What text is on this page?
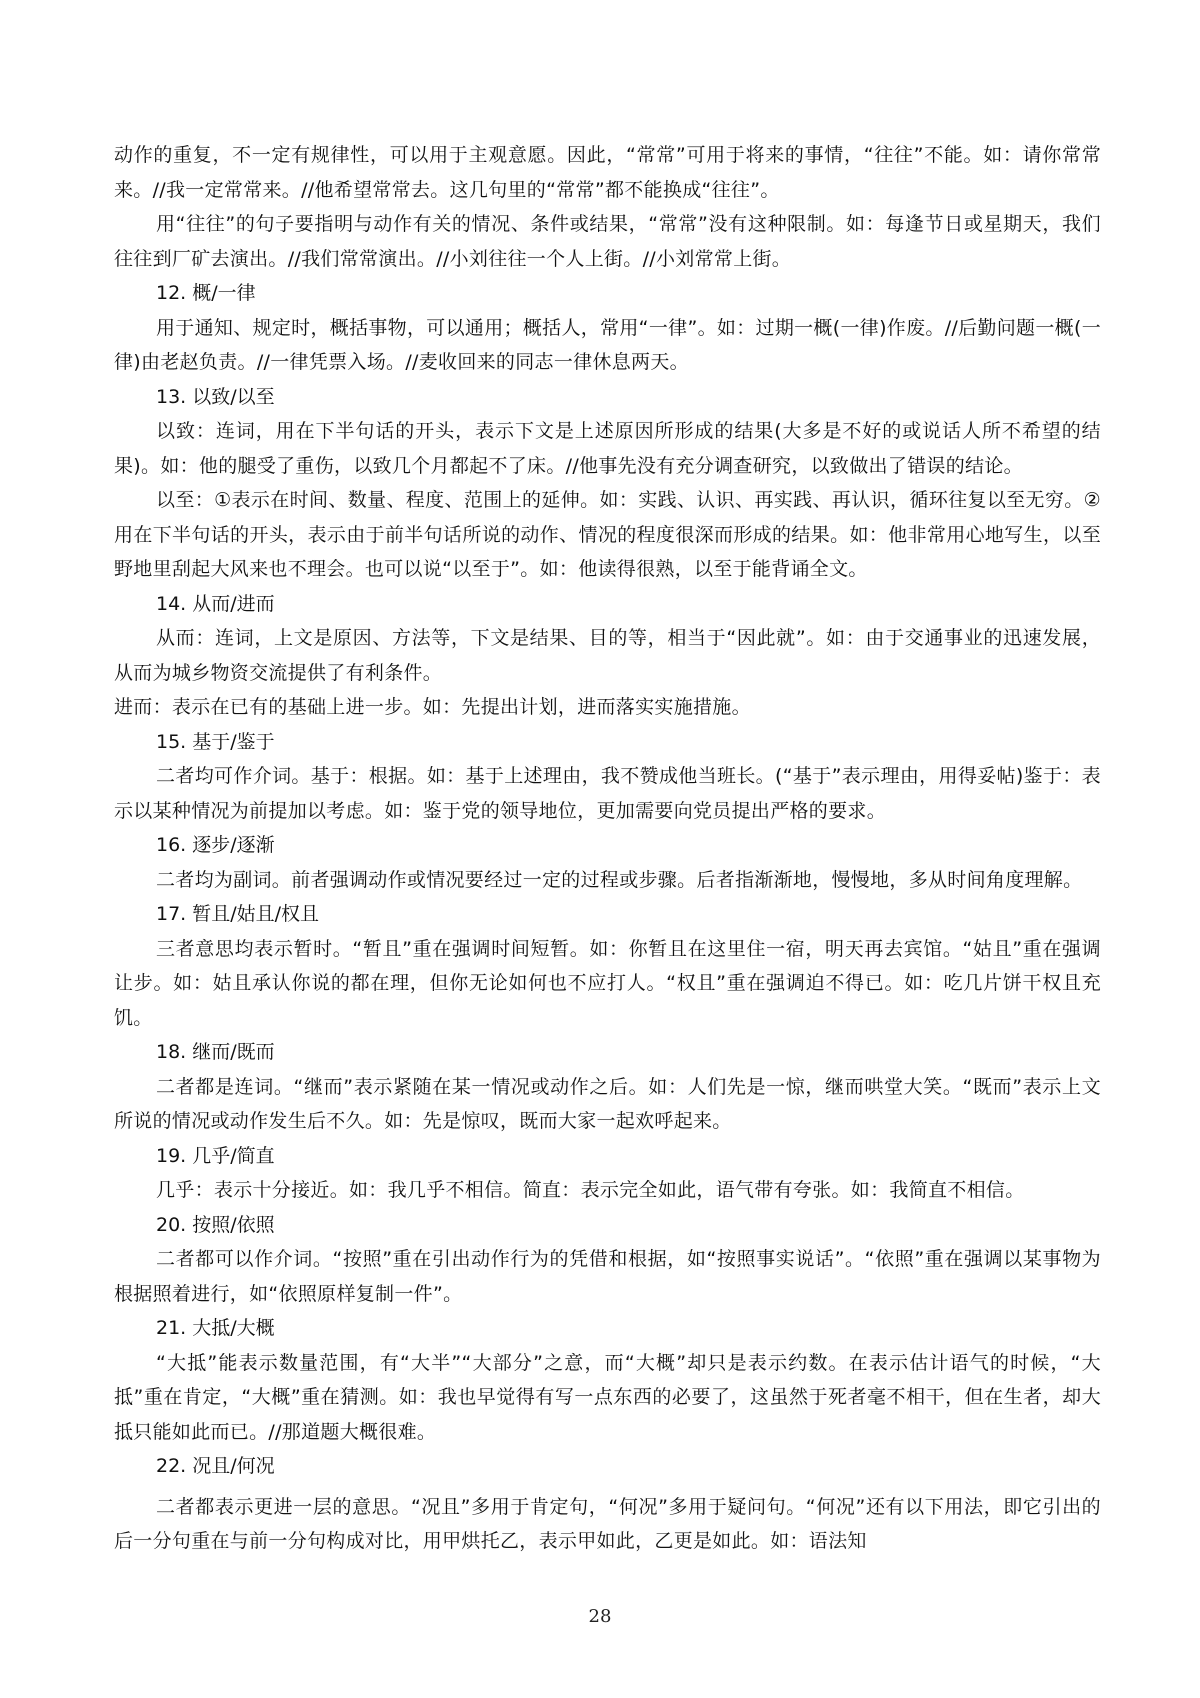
动作的重复，不一定有规律性，可以用于主观意愿。因此，“常常”可用于将来的事情，“往往”不能。如：请你常常来。//我一定常常来。//他希望常常去。这几句里的“常常”都不能换成“往往”。

用“往往”的句子要指明与动作有关的情况、条件或结果，“常常”没有这种限制。如：每逢节日或星期天，我们往往到厂矿去演出。//我们常常演出。//小刘往往一个人上街。//小刘常常上街。

12. 概/一律

用于通知、规定时，概括事物，可以通用；概括人，常用“一律”。如：过期一概(一律)作废。//后勤问题一概(一律)由老赵负责。//一律凭票入场。//麦收回来的同志一律休息两天。

13. 以致/以至

以致：连词，用在下半句话的开头，表示下文是上述原因所形成的结果(大多是不好的或说话人所不希望的结果)。如：他的腿受了重伤，以致几个月都起不了床。//他事先没有充分调查研究，以致做出了错误的结论。

以至：①表示在时间、数量、程度、范围上的延伸。如：实践、认识、再实践、再认识，循环往复以至无穷。②用在下半句话的开头，表示由于前半句话所说的动作、情况的程度很深而形成的结果。如：他非常用心地写生，以至野地里刮起大风来也不理会。也可以说“以至于”。如：他读得很熟，以至于能背诵全文。

14. 从而/进而

从而：连词，上文是原因、方法等，下文是结果、目的等，相当于“因此就”。如：由于交通事业的迅速发展，从而为城乡物资交流提供了有利条件。

进而：表示在已有的基础上进一步。如：先提出计划，进而落实实施措施。

15. 基于/鉴于

二者均可作介词。基于：根据。如：基于上述理由，我不赞成他当班长。(“基于”表示理由，用得妥帖)鉴于：表示以某种情况为前提加以考虑。如：鉴于党的领导地位，更加需要向党员提出严格的要求。

16. 逐步/逐渐

二者均为副词。前者强调动作或情况要经过一定的过程或步骤。后者指渐渐地，慢慢地，多从时间角度理解。

17. 暂且/姑且/权且

三者意思均表示暂时。“暂且”重在强调时间短暂。如：你暂且在这里住一宿，明天再去宾馆。“姑且”重在强调让步。如：姑且承认你说的都在理，但你无论如何也不应打人。“权且”重在强调迫不得已。如：吃几片饼干权且充饥。

18. 继而/既而

二者都是连词。“继而”表示紧随在某一情况或动作之后。如：人们先是一惊，继而哄堂大笑。“既而”表示上文所说的情况或动作发生后不久。如：先是惊叹，既而大家一起欢呼起来。

19. 几乎/简直

几乎：表示十分接近。如：我几乎不相信。简直：表示完全如此，语气带有夸张。如：我简直不相信。

20. 按照/依照

二者都可以作介词。“按照”重在引出动作行为的凭借和根据，如“按照事实说话”。“依照”重在强调以某事物为根据照着进行，如“依照原样复制一件”。

21. 大抵/大概

“大抵”能表示数量范围，有“大半”“大部分”之意，而“大概”却只是表示约数。在表示估计语气的时候，“大抵”重在肯定，“大概”重在猜测。如：我也早觉得有写一点东西的必要了，这虽然于死者毫不相干，但在生者，却大抵只能如此而已。//那道题大概很难。

22. 况且/何况

二者都表示更进一层的意思。“况且”多用于肯定句，“何况”多用于疑问句。“何况”还有以下用法，即它引出的后一分句重在与前一分句构成对比，用甲烘托乙，表示甲如此，乙更是如此。如：语法知

28
